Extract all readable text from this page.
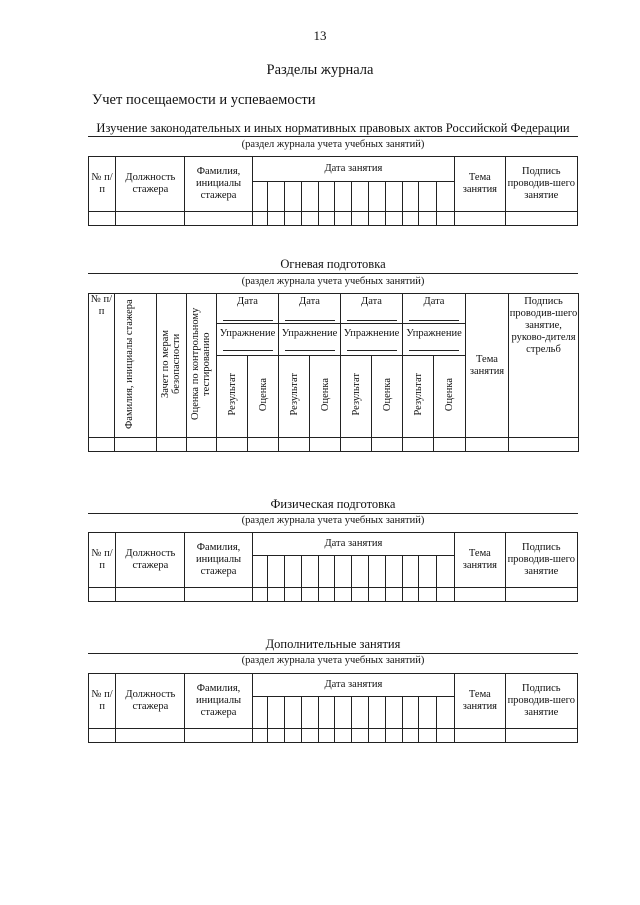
13
Разделы журнала
Учет посещаемости и успеваемости
Изучение законодательных и иных нормативных правовых актов Российской Федерации
(раздел журнала учета учебных занятий)
№ п/п	Должность стажера	Фамилия, инициалы стажера	Дата занятия												Тема занятия	Подпись проводив-шего занятие

Огневая подготовка
(раздел журнала учета учебных занятий)
№ п/п	Фамилия, инициалы стажера	Зачет по мерам безопасности	Оценка по контрольному тестированию	Дата		Дата		Дата		Дата		Тема занятия	Подпись проводив-шего занятие, руково-дителя стрельб
				Упражнение		Упражнение		Упражнение		Упражнение			

				Результат	Оценка	Результат	Оценка	Результат	Оценка	Результат	Оценка		

Физическая подготовка
(раздел журнала учета учебных занятий)
№ п/п	Должность стажера	Фамилия, инициалы стажера	Дата занятия												Тема занятия	Подпись проводив-шего занятие

Дополнительные занятия
(раздел журнала учета учебных занятий)
№ п/п	Должность стажера	Фамилия, инициалы стажера	Дата занятия												Тема занятия	Подпись проводив-шего занятие
